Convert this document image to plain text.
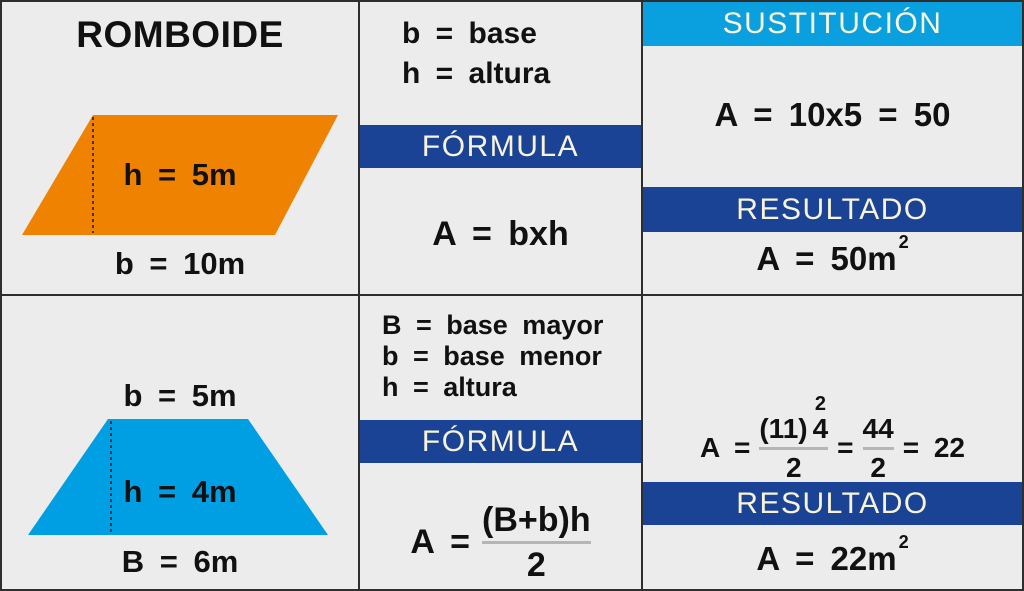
ROMBOIDE
h = 5m
b = 10m
b = base
h = altura
FÓRMULA
A = bxh
SUSTITUCIÓN
A = 10x5 = 50
RESULTADO
A = 50m $^2$
b = 5m
h = 4m
B = 6m
B = base mayor
b = base menor
h = altura
FÓRMULA
$A = \frac{(B+b)h}{2}$
A = (11)
2
4
$2 = \frac{44}{2} = 22$
RESULTADO
A = 22m $^2$
